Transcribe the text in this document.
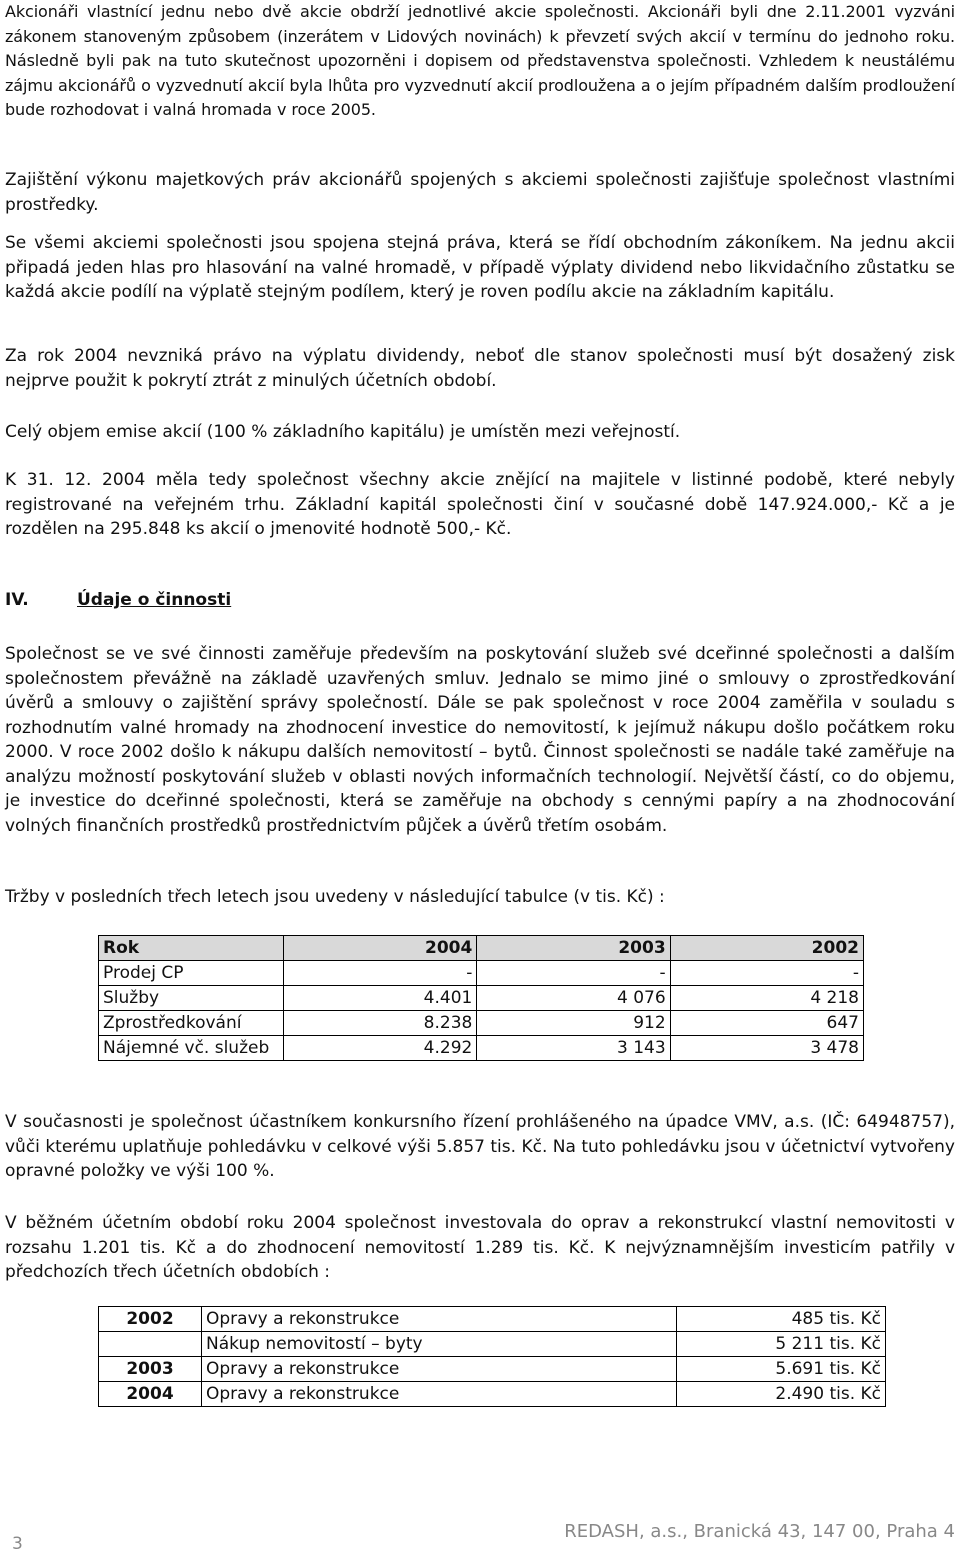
Akcionáři vlastnící jednu nebo dvě akcie obdrží jednotlivé akcie společnosti. Akcionáři byli dne 2.11.2001 vyzváni zákonem stanoveným způsobem (inzerátem v Lidových novinách) k převzetí svých akcií v termínu do jednoho roku. Následně byli pak na tuto skutečnost upozorněni i dopisem od představenstva společnosti. Vzhledem k neustálému zájmu akcionářů o vyzvednutí akcií byla lhůta pro vyzvednutí akcií prodloužena a o jejím případném dalším prodloužení bude rozhodovat i valná hromada v roce 2005.

Zajištění výkonu majetkových práv akcionářů spojených s akciemi společnosti zajišťuje společnost vlastními prostředky.

Se všemi akciemi společnosti jsou spojena stejná práva, která se řídí obchodním zákoníkem. Na jednu akcii připadá jeden hlas pro hlasování na valné hromadě, v případě výplaty dividend nebo likvidačního zůstatku se každá akcie podílí na výplatě stejným podílem, který je roven podílu akcie na základním kapitálu.

Za rok 2004 nevzniká právo na výplatu dividendy, neboť dle stanov společnosti musí být dosažený zisk nejprve použit k pokrytí ztrát z minulých účetních období.

Celý objem emise akcií (100 % základního kapitálu) je umístěn mezi veřejností.

K 31. 12. 2004 měla tedy společnost všechny akcie znějící na majitele v listinné podobě, které nebyly registrované na veřejném trhu. Základní kapitál společnosti činí v současné době 147.924.000,- Kč a je rozdělen na 295.848 ks akcií o jmenovité hodnotě 500,- Kč.

IV.	Údaje o činnosti

Společnost se ve své činnosti zaměřuje především na poskytování služeb své dceřinné společnosti a dalším společnostem převážně na základě uzavřených smluv. Jednalo se mimo jiné o smlouvy o zprostředkování úvěrů a smlouvy o zajištění správy společností. Dále se pak společnost v roce 2004 zaměřila v souladu s rozhodnutím valné hromady na zhodnocení investice do nemovitostí, k jejímuž nákupu došlo počátkem roku 2000. V roce 2002 došlo k nákupu dalších nemovitostí – bytů. Činnost společnosti se nadále také zaměřuje na analýzu možností poskytování služeb v oblasti nových informačních technologií. Největší částí, co do objemu, je investice do dceřinné společnosti, která se zaměřuje na obchody s cennými papíry a na zhodnocování volných finančních prostředků prostřednictvím půjček a úvěrů třetím osobám.

Tržby v posledních třech letech jsou uvedeny v následující tabulce (v tis. Kč) :

Rok	2004	2003	2002
Prodej CP	-	-	-
Služby	4.401	4 076	4 218
Zprostředkování	8.238	912	647
Nájemné vč. služeb	4.292	3 143	3 478

V současnosti je společnost účastníkem konkursního řízení prohlášeného na úpadce VMV, a.s. (IČ: 64948757), vůči kterému uplatňuje pohledávku v celkové výši 5.857 tis. Kč. Na tuto pohledávku jsou v účetnictví vytvořeny opravné položky ve výši 100 %.

V běžném účetním období roku 2004 společnost investovala do oprav a rekonstrukcí vlastní nemovitosti v rozsahu 1.201 tis. Kč a do zhodnocení nemovitostí 1.289 tis. Kč. K nejvýznamnějším investicím patřily v předchozích třech účetních obdobích :

2002	Opravy a rekonstrukce	485 tis. Kč
	Nákup nemovitostí – byty	5 211 tis. Kč
2003	Opravy a rekonstrukce	5.691 tis. Kč
2004	Opravy a rekonstrukce	2.490 tis. Kč
3
REDASH, a.s., Branická 43, 147 00, Praha 4
